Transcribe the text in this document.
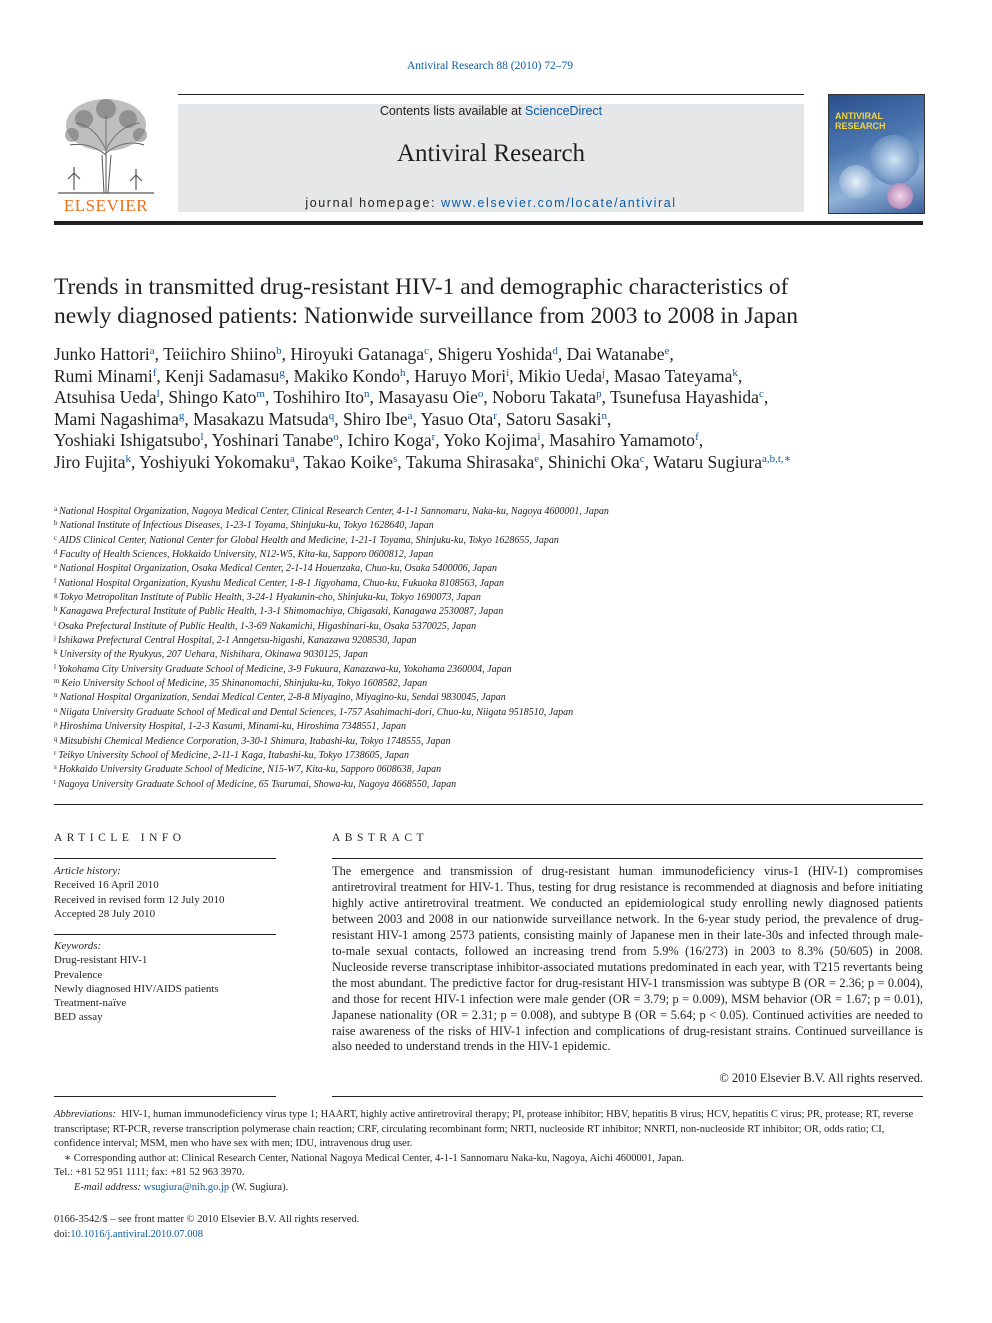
Antiviral Research 88 (2010) 72–79
ELSEVIER
Contents lists available at ScienceDirect
Antiviral Research
journal homepage: www.elsevier.com/locate/antiviral
ANTIVIRAL RESEARCH
Trends in transmitted drug-resistant HIV-1 and demographic characteristics of
newly diagnosed patients: Nationwide surveillance from 2003 to 2008 in Japan
Junko Hattori$^a$, Teiichiro Shiino$^b$, Hiroyuki Gatanaga$^c$, Shigeru Yoshida$^d$, Dai Watanabe$^e$,
Rumi Minami$^f$, Kenji Sadamasu$^g$, Makiko Kondo$^h$, Haruyo Mori$^i$, Mikio Ueda$^j$, Masao Tateyama$^k$,
Atsuhisa Ueda$^l$, Shingo Kato$^m$, Toshihiro Ito$^n$, Masayasu Oie$^o$, Noboru Takata$^p$, Tsunefusa Hayashida$^c$,
Mami Nagashima$^g$, Masakazu Matsuda$^q$, Shiro Ibe$^a$, Yasuo Ota$^r$, Satoru Sasaki$^n$,
Yoshiaki Ishigatsubo$^l$, Yoshinari Tanabe$^o$, Ichiro Koga$^r$, Yoko Kojima$^i$, Masahiro Yamamoto$^f$,
Jiro Fujita$^k$, Yoshiyuki Yokomaku$^a$, Takao Koike$^s$, Takuma Shirasaka$^e$, Shinichi Oka$^c$, Wataru Sugiura$^{a,b,t,∗}$
$^a$ National Hospital Organization, Nagoya Medical Center, Clinical Research Center, 4-1-1 Sannomaru, Naka-ku, Nagoya 4600001, Japan
$^b$ National Institute of Infectious Diseases, 1-23-1 Toyama, Shinjuku-ku, Tokyo 1628640, Japan
$^c$ AIDS Clinical Center, National Center for Global Health and Medicine, 1-21-1 Toyama, Shinjuku-ku, Tokyo 1628655, Japan
$^d$ Faculty of Health Sciences, Hokkaido University, N12-W5, Kita-ku, Sapporo 0600812, Japan
$^e$ National Hospital Organization, Osaka Medical Center, 2-1-14 Houenzaka, Chuo-ku, Osaka 5400006, Japan
$^f$ National Hospital Organization, Kyushu Medical Center, 1-8-1 Jigyohama, Chuo-ku, Fukuoka 8108563, Japan
$^g$ Tokyo Metropolitan Institute of Public Health, 3-24-1 Hyakunin-cho, Shinjuku-ku, Tokyo 1690073, Japan
$^h$ Kanagawa Prefectural Institute of Public Health, 1-3-1 Shimomachiya, Chigasaki, Kanagawa 2530087, Japan
$^i$ Osaka Prefectural Institute of Public Health, 1-3-69 Nakamichi, Higashinari-ku, Osaka 5370025, Japan
$^j$ Ishikawa Prefectural Central Hospital, 2-1 Anngetsu-higashi, Kanazawa 9208530, Japan
$^k$ University of the Ryukyus, 207 Uehara, Nishihara, Okinawa 9030125, Japan
$^l$ Yokohama City University Graduate School of Medicine, 3-9 Fukuura, Kanazawa-ku, Yokohama 2360004, Japan
$^m$ Keio University School of Medicine, 35 Shinanomachi, Shinjuku-ku, Tokyo 1608582, Japan
$^n$ National Hospital Organization, Sendai Medical Center, 2-8-8 Miyagino, Miyagino-ku, Sendai 9830045, Japan
$^o$ Niigata University Graduate School of Medical and Dental Sciences, 1-757 Asahimachi-dori, Chuo-ku, Niigata 9518510, Japan
$^p$ Hiroshima University Hospital, 1-2-3 Kasumi, Minami-ku, Hiroshima 7348551, Japan
$^q$ Mitsubishi Chemical Medience Corporation, 3-30-1 Shimura, Itabashi-ku, Tokyo 1748555, Japan
$^r$ Teikyo University School of Medicine, 2-11-1 Kaga, Itabashi-ku, Tokyo 1738605, Japan
$^s$ Hokkaido University Graduate School of Medicine, N15-W7, Kita-ku, Sapporo 0608638, Japan
$^t$ Nagoya University Graduate School of Medicine, 65 Tsurumai, Showa-ku, Nagoya 4668550, Japan
ARTICLE INFO
Article history:
Received 16 April 2010
Received in revised form 12 July 2010
Accepted 28 July 2010
Keywords:
Drug-resistant HIV-1
Prevalence
Newly diagnosed HIV/AIDS patients
Treatment-naïve
BED assay
ABSTRACT
The emergence and transmission of drug-resistant human immunodeficiency virus-1 (HIV-1) compromises antiretroviral treatment for HIV-1. Thus, testing for drug resistance is recommended at diagnosis and before initiating highly active antiretroviral treatment. We conducted an epidemiological study enrolling newly diagnosed patients between 2003 and 2008 in our nationwide surveillance network. In the 6-year study period, the prevalence of drug-resistant HIV-1 among 2573 patients, consisting mainly of Japanese men in their late-30s and infected through male-to-male sexual contacts, followed an increasing trend from 5.9% (16/273) in 2003 to 8.3% (50/605) in 2008. Nucleoside reverse transcriptase inhibitor-associated mutations predominated in each year, with T215 revertants being the most abundant. The predictive factor for drug-resistant HIV-1 transmission was subtype B (OR = 2.36; p = 0.004), and those for recent HIV-1 infection were male gender (OR = 3.79; p = 0.009), MSM behavior (OR = 1.67; p = 0.01), Japanese nationality (OR = 2.31; p = 0.008), and subtype B (OR = 5.64; p < 0.05). Continued activities are needed to raise awareness of the risks of HIV-1 infection and complications of drug-resistant strains. Continued surveillance is also needed to understand trends in the HIV-1 epidemic.
© 2010 Elsevier B.V. All rights reserved.
Abbreviations: HIV-1, human immunodeficiency virus type 1; HAART, highly active antiretroviral therapy; PI, protease inhibitor; HBV, hepatitis B virus; HCV, hepatitis C virus; PR, protease; RT, reverse transcriptase; RT-PCR, reverse transcription polymerase chain reaction; CRF, circulating recombinant form; NRTI, nucleoside RT inhibitor; NNRTI, non-nucleoside RT inhibitor; OR, odds ratio; CI, confidence interval; MSM, men who have sex with men; IDU, intravenous drug user.
∗ Corresponding author at: Clinical Research Center, National Nagoya Medical Center, 4-1-1 Sannomaru Naka-ku, Nagoya, Aichi 4600001, Japan.
Tel.: +81 52 951 1111; fax: +81 52 963 3970.
E-mail address: wsugiura@nih.go.jp (W. Sugiura).
0166-3542/$ – see front matter © 2010 Elsevier B.V. All rights reserved.
doi:10.1016/j.antiviral.2010.07.008
